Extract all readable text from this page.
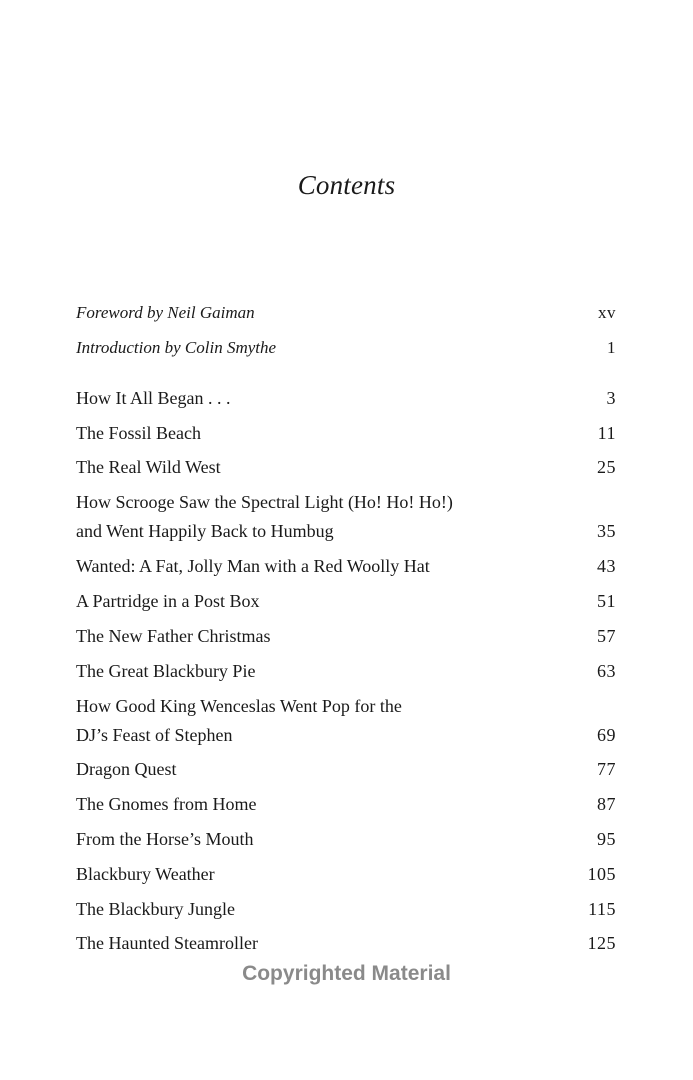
Contents
Foreword by Neil Gaiman	xv
Introduction by Colin Smythe	1
How It All Began . . .	3
The Fossil Beach	11
The Real Wild West	25
How Scrooge Saw the Spectral Light (Ho! Ho! Ho!)
and Went Happily Back to Humbug	35
Wanted: A Fat, Jolly Man with a Red Woolly Hat	43
A Partridge in a Post Box	51
The New Father Christmas	57
The Great Blackbury Pie	63
How Good King Wenceslas Went Pop for the
DJ’s Feast of Stephen	69
Dragon Quest	77
The Gnomes from Home	87
From the Horse’s Mouth	95
Blackbury Weather	105
The Blackbury Jungle	115
The Haunted Steamroller	125
Copyrighted Material
